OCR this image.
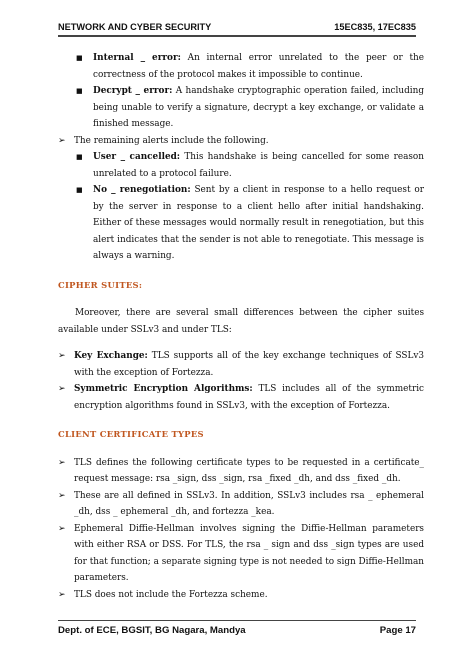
NETWORK AND CYBER SECURITY	15EC835, 17EC835
■ Internal _ error: An internal error unrelated to the peer or the correctness of the protocol makes it impossible to continue.
■ Decrypt _ error: A handshake cryptographic operation failed, including being unable to verify a signature, decrypt a key exchange, or validate a finished message.
➢ The remaining alerts include the following.
■ User _ cancelled: This handshake is being cancelled for some reason unrelated to a protocol failure.
■ No _ renegotiation: Sent by a client in response to a hello request or by the server in response to a client hello after initial handshaking. Either of these messages would normally result in renegotiation, but this alert indicates that the sender is not able to renegotiate. This message is always a warning.
CIPHER SUITES:

Moreover, there are several small differences between the cipher suites available under SSLv3 and under TLS:

➢ Key Exchange: TLS supports all of the key exchange techniques of SSLv3 with the exception of Fortezza.
➢ Symmetric Encryption Algorithms: TLS includes all of the symmetric encryption algorithms found in SSLv3, with the exception of Fortezza.
CLIENT CERTIFICATE TYPES
➢ TLS defines the following certificate types to be requested in a certificate_ request message: rsa _sign, dss _sign, rsa _fixed _dh, and dss _fixed _dh.
➢ These are all defined in SSLv3. In addition, SSLv3 includes rsa _ ephemeral _dh, dss _ ephemeral _dh, and fortezza _kea.
➢ Ephemeral Diffie-Hellman involves signing the Diffie-Hellman parameters with either RSA or DSS. For TLS, the rsa _ sign and dss _sign types are used for that function; a separate signing type is not needed to sign Diffie-Hellman parameters.
➢ TLS does not include the Fortezza scheme.
Dept. of ECE, BGSIT, BG Nagara, Mandya	Page 17
